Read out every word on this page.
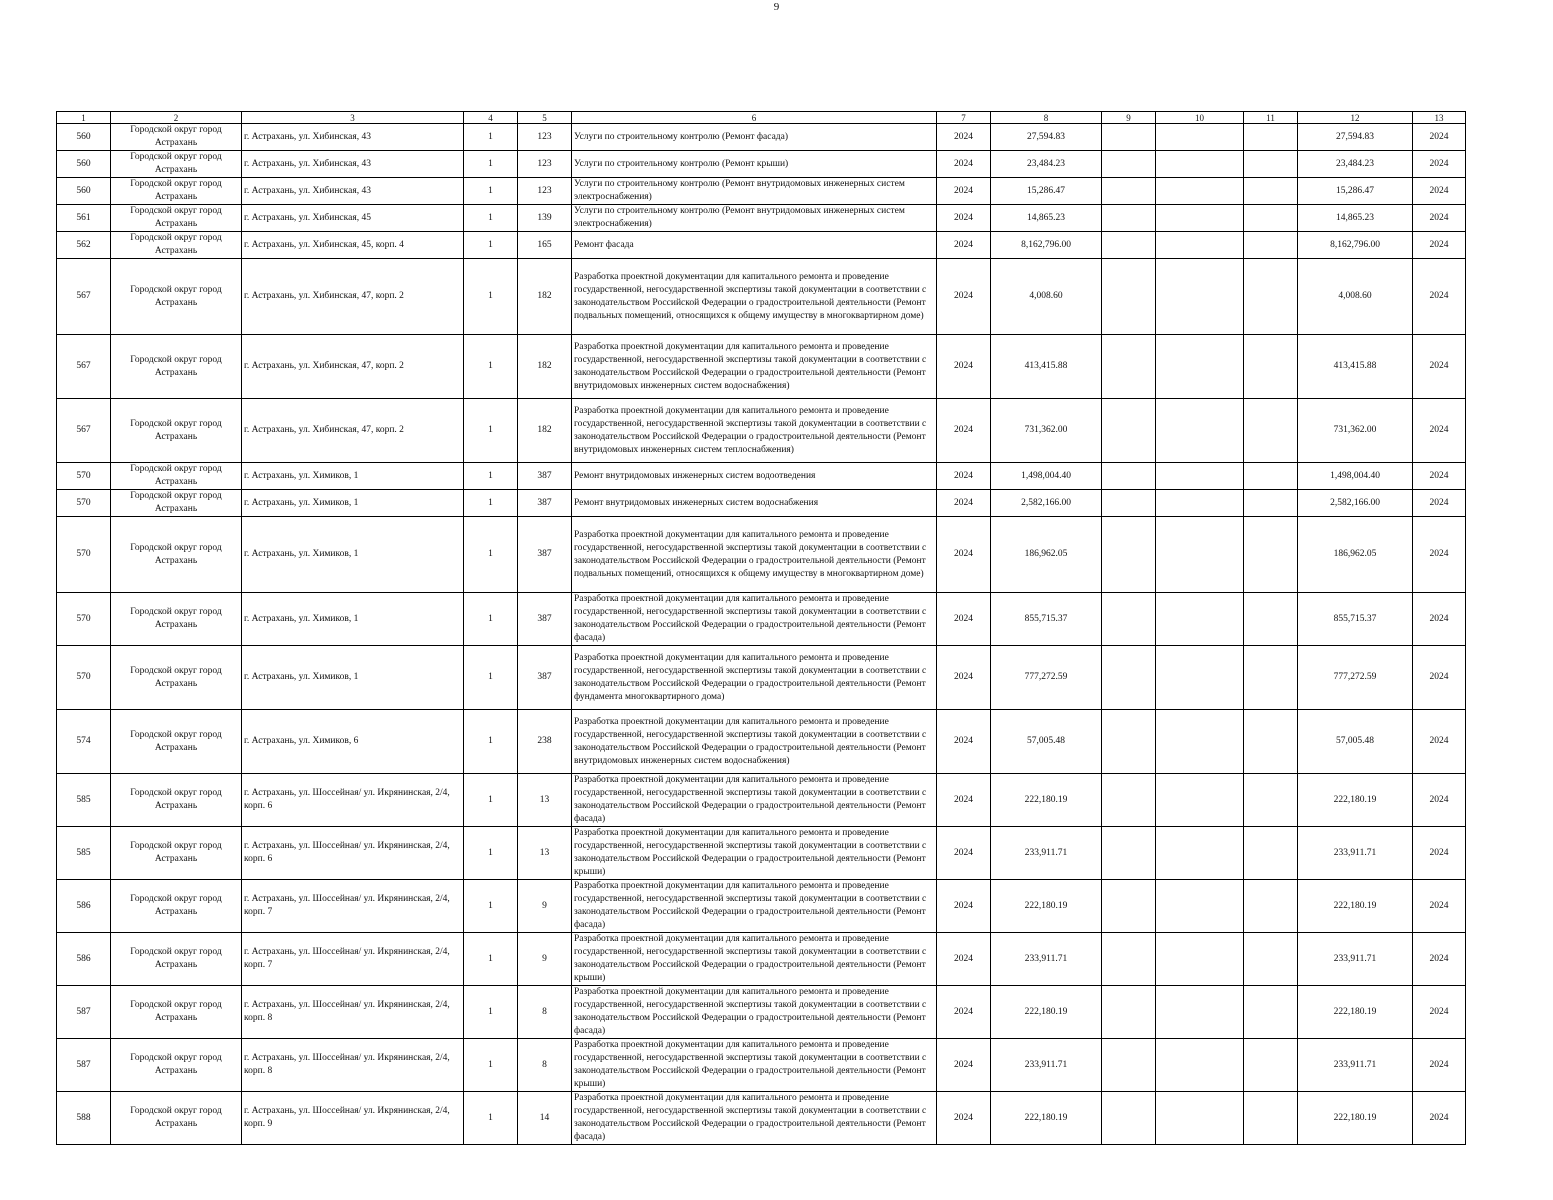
9
1	2	3	4	5	6	7	8	9	10	11	12	13
560	Городской округ город Астрахань	г. Астрахань, ул. Хибинская, 43	1	123	Услуги по строительному контролю (Ремонт фасада)	2024	27,594.83				27,594.83	2024
560	Городской округ город Астрахань	г. Астрахань, ул. Хибинская, 43	1	123	Услуги по строительному контролю (Ремонт крыши)	2024	23,484.23				23,484.23	2024
560	Городской округ город Астрахань	г. Астрахань, ул. Хибинская, 43	1	123	Услуги по строительному контролю (Ремонт внутридомовых инженерных систем электроснабжения)	2024	15,286.47				15,286.47	2024
561	Городской округ город Астрахань	г. Астрахань, ул. Хибинская, 45	1	139	Услуги по строительному контролю (Ремонт внутридомовых инженерных систем электроснабжения)	2024	14,865.23				14,865.23	2024
562	Городской округ город Астрахань	г. Астрахань, ул. Хибинская, 45, корп. 4	1	165	Ремонт фасада	2024	8,162,796.00				8,162,796.00	2024
567	Городской округ город Астрахань	г. Астрахань, ул. Хибинская, 47, корп. 2	1	182	Разработка проектной документации для капитального ремонта и проведение государственной, негосударственной экспертизы такой документации в соответствии с законодательством Российской Федерации о градостроительной деятельности (Ремонт подвальных помещений, относящихся к общему имуществу в многоквартирном доме)	2024	4,008.60				4,008.60	2024
567	Городской округ город Астрахань	г. Астрахань, ул. Хибинская, 47, корп. 2	1	182	Разработка проектной документации для капитального ремонта и проведение государственной, негосударственной экспертизы такой документации в соответствии с законодательством Российской Федерации о градостроительной деятельности (Ремонт внутридомовых инженерных систем водоснабжения)	2024	413,415.88				413,415.88	2024
567	Городской округ город Астрахань	г. Астрахань, ул. Хибинская, 47, корп. 2	1	182	Разработка проектной документации для капитального ремонта и проведение государственной, негосударственной экспертизы такой документации в соответствии с законодательством Российской Федерации о градостроительной деятельности (Ремонт внутридомовых инженерных систем теплоснабжения)	2024	731,362.00				731,362.00	2024
570	Городской округ город Астрахань	г. Астрахань, ул. Химиков, 1	1	387	Ремонт внутридомовых инженерных систем водоотведения	2024	1,498,004.40				1,498,004.40	2024
570	Городской округ город Астрахань	г. Астрахань, ул. Химиков, 1	1	387	Ремонт внутридомовых инженерных систем водоснабжения	2024	2,582,166.00				2,582,166.00	2024
570	Городской округ город Астрахань	г. Астрахань, ул. Химиков, 1	1	387	Разработка проектной документации для капитального ремонта и проведение государственной, негосударственной экспертизы такой документации в соответствии с законодательством Российской Федерации о градостроительной деятельности (Ремонт подвальных помещений, относящихся к общему имуществу в многоквартирном доме)	2024	186,962.05				186,962.05	2024
570	Городской округ город Астрахань	г. Астрахань, ул. Химиков, 1	1	387	Разработка проектной документации для капитального ремонта и проведение государственной, негосударственной экспертизы такой документации в соответствии с законодательством Российской Федерации о градостроительной деятельности (Ремонт фасада)	2024	855,715.37				855,715.37	2024
570	Городской округ город Астрахань	г. Астрахань, ул. Химиков, 1	1	387	Разработка проектной документации для капитального ремонта и проведение государственной, негосударственной экспертизы такой документации в соответствии с законодательством Российской Федерации о градостроительной деятельности (Ремонт фундамента многоквартирного дома)	2024	777,272.59				777,272.59	2024
574	Городской округ город Астрахань	г. Астрахань, ул. Химиков, 6	1	238	Разработка проектной документации для капитального ремонта и проведение государственной, негосударственной экспертизы такой документации в соответствии с законодательством Российской Федерации о градостроительной деятельности (Ремонт внутридомовых инженерных систем водоснабжения)	2024	57,005.48				57,005.48	2024
585	Городской округ город Астрахань	г. Астрахань, ул. Шоссейная/ ул. Икрянинская, 2/4, корп. 6	1	13	Разработка проектной документации для капитального ремонта и проведение государственной, негосударственной экспертизы такой документации в соответствии с законодательством Российской Федерации о градостроительной деятельности (Ремонт фасада)	2024	222,180.19				222,180.19	2024
585	Городской округ город Астрахань	г. Астрахань, ул. Шоссейная/ ул. Икрянинская, 2/4, корп. 6	1	13	Разработка проектной документации для капитального ремонта и проведение государственной, негосударственной экспертизы такой документации в соответствии с законодательством Российской Федерации о градостроительной деятельности (Ремонт крыши)	2024	233,911.71				233,911.71	2024
586	Городской округ город Астрахань	г. Астрахань, ул. Шоссейная/ ул. Икрянинская, 2/4, корп. 7	1	9	Разработка проектной документации для капитального ремонта и проведение государственной, негосударственной экспертизы такой документации в соответствии с законодательством Российской Федерации о градостроительной деятельности (Ремонт фасада)	2024	222,180.19				222,180.19	2024
586	Городской округ город Астрахань	г. Астрахань, ул. Шоссейная/ ул. Икрянинская, 2/4, корп. 7	1	9	Разработка проектной документации для капитального ремонта и проведение государственной, негосударственной экспертизы такой документации в соответствии с законодательством Российской Федерации о градостроительной деятельности (Ремонт крыши)	2024	233,911.71				233,911.71	2024
587	Городской округ город Астрахань	г. Астрахань, ул. Шоссейная/ ул. Икрянинская, 2/4, корп. 8	1	8	Разработка проектной документации для капитального ремонта и проведение государственной, негосударственной экспертизы такой документации в соответствии с законодательством Российской Федерации о градостроительной деятельности (Ремонт фасада)	2024	222,180.19				222,180.19	2024
587	Городской округ город Астрахань	г. Астрахань, ул. Шоссейная/ ул. Икрянинская, 2/4, корп. 8	1	8	Разработка проектной документации для капитального ремонта и проведение государственной, негосударственной экспертизы такой документации в соответствии с законодательством Российской Федерации о градостроительной деятельности (Ремонт крыши)	2024	233,911.71				233,911.71	2024
588	Городской округ город Астрахань	г. Астрахань, ул. Шоссейная/ ул. Икрянинская, 2/4, корп. 9	1	14	Разработка проектной документации для капитального ремонта и проведение государственной, негосударственной экспертизы такой документации в соответствии с законодательством Российской Федерации о градостроительной деятельности (Ремонт фасада)	2024	222,180.19				222,180.19	2024
